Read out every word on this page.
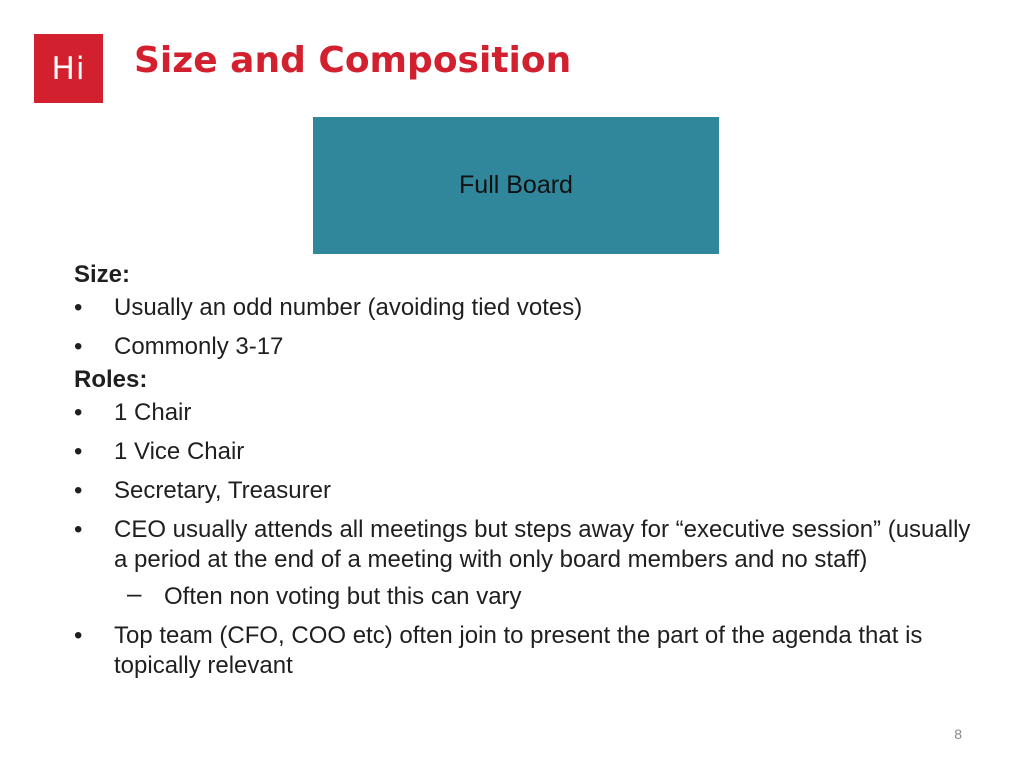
Hi Size and Composition
Full Board

Size:

• Usually an odd number (avoiding tied votes)

• Commonly 3-17

Roles:

• 1 Chair

• 1 Vice Chair

• Secretary, Treasurer

• CEO usually attends all meetings but steps away for “executive session” (usually a period at the end of a meeting with only board members and no staff)

– Often non voting but this can vary

• Top team (CFO, COO etc) often join to present the part of the agenda that is topically relevant

8
